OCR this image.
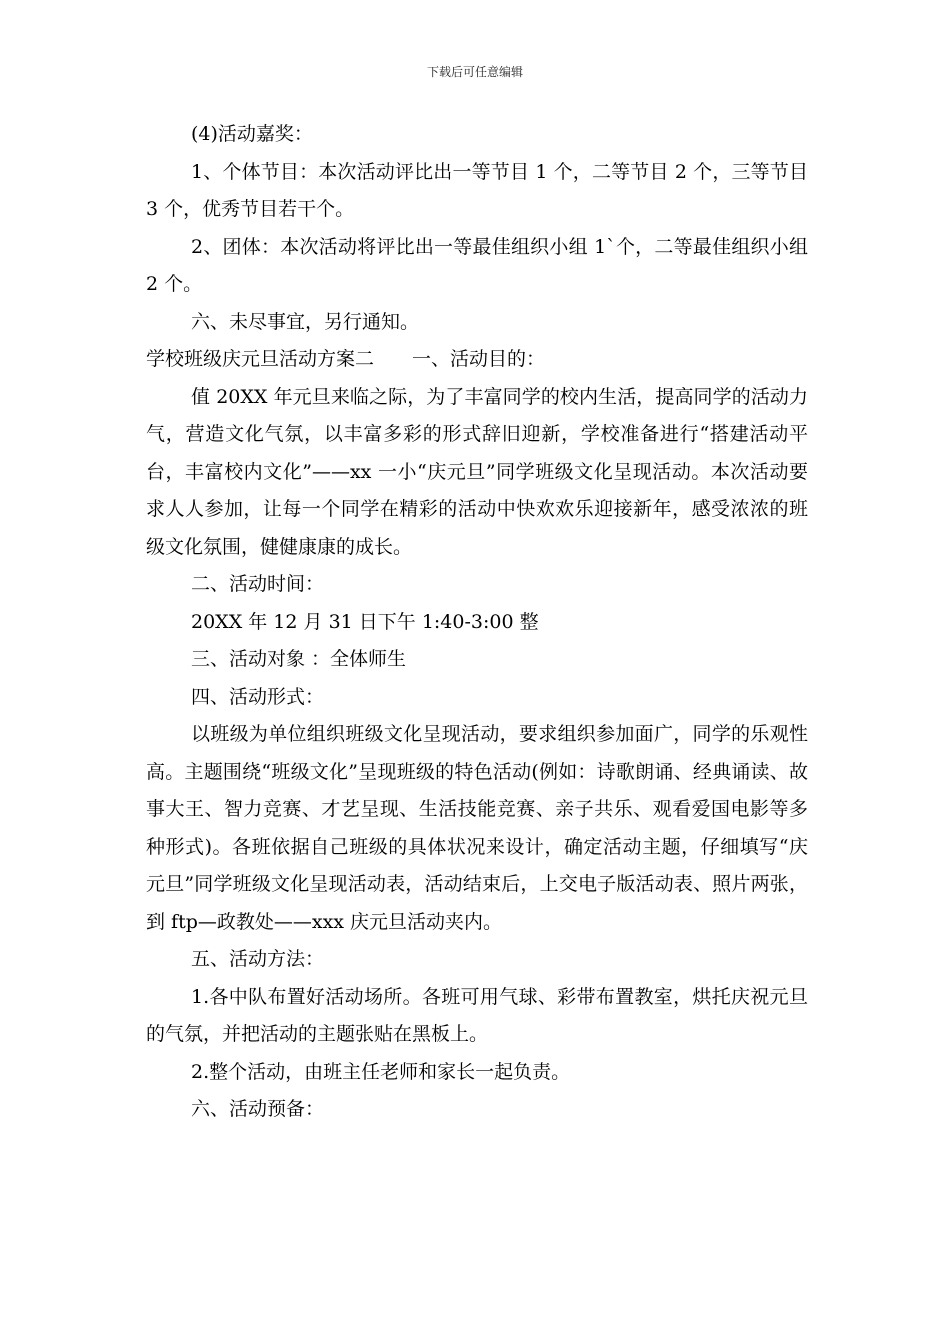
下载后可任意编辑

(4)活动嘉奖：

1、个体节目：本次活动评比出一等节目 1 个，二等节目 2 个，三等节目 3 个，优秀节目若干个。

2、团体：本次活动将评比出一等最佳组织小组 1`个，二等最佳组织小组 2 个。

六、未尽事宜，另行通知。

学校班级庆元旦活动方案二　　一、活动目的：

值 20XX 年元旦来临之际，为了丰富同学的校内生活，提高同学的活动力气，营造文化气氛，以丰富多彩的形式辞旧迎新，学校准备进行“搭建活动平台，丰富校内文化”——xx 一小“庆元旦”同学班级文化呈现活动。本次活动要求人人参加，让每一个同学在精彩的活动中快欢欢乐迎接新年，感受浓浓的班级文化氛围，健健康康的成长。

二、活动时间：

20XX 年 12 月 31 日下午 1:40-3:00 整

三、活动对象 ：全体师生

四、活动形式：

以班级为单位组织班级文化呈现活动，要求组织参加面广，同学的乐观性高。主题围绕“班级文化”呈现班级的特色活动(例如：诗歌朗诵、经典诵读、故事大王、智力竞赛、才艺呈现、生活技能竞赛、亲子共乐、观看爱国电影等多种形式)。各班依据自己班级的具体状况来设计，确定活动主题，仔细填写“庆元旦”同学班级文化呈现活动表，活动结束后，上交电子版活动表、照片两张，到 ftp—政教处——xxx 庆元旦活动夹内。

五、活动方法：

1.各中队布置好活动场所。各班可用气球、彩带布置教室，烘托庆祝元旦的气氛，并把活动的主题张贴在黑板上。

2.整个活动，由班主任老师和家长一起负责。

六、活动预备：
